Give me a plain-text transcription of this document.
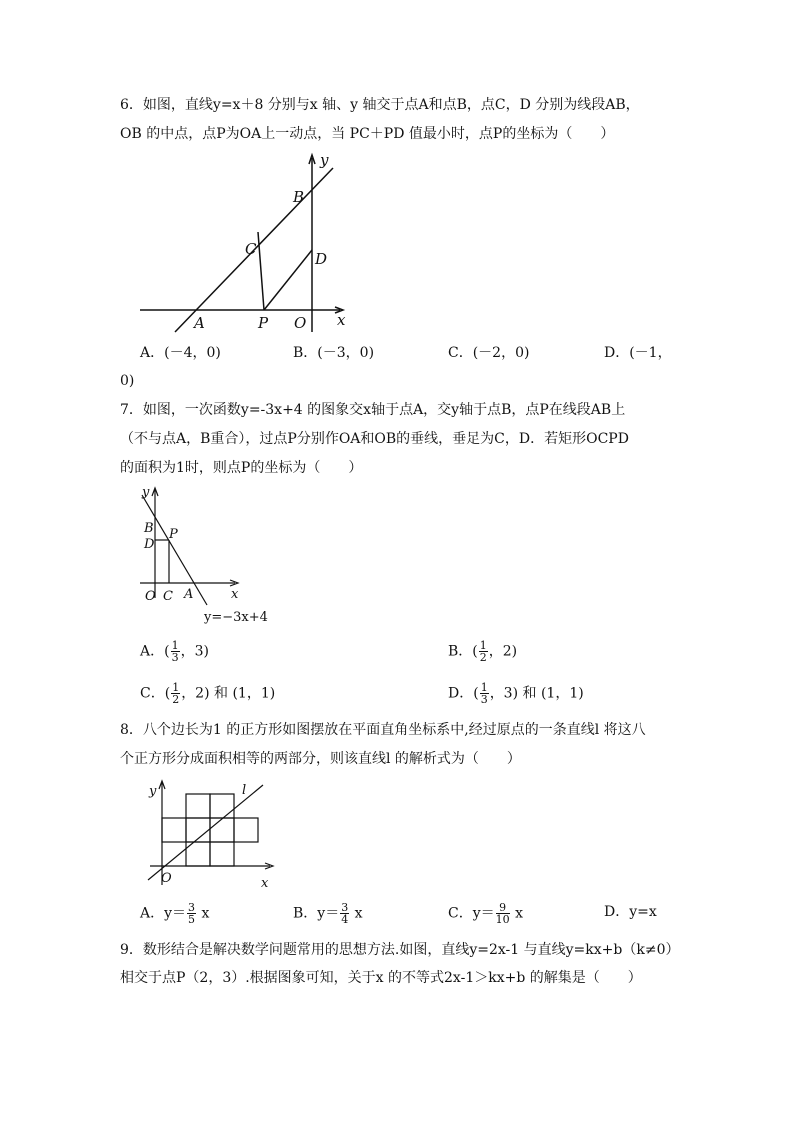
6．如图，直线y=x＋8 分别与x 轴、y 轴交于点A和点B，点C，D 分别为线段AB，
OB 的中点，点P为OA上一动点，当 PC＋PD 值最小时，点P的坐标为（　　）
y
B
C
D
A	P O x
A．(－4，0)	B．(－3，0)	C．(－2，0)	D．(－1，
0)
7．如图，一次函数y=-3x+4 的图象交x轴于点A，交y轴于点B，点P在线段AB上
（不与点A，B重合），过点P分别作OA和OB的垂线，垂足为C，D．若矩形OCPD
的面积为1时，则点P的坐标为（　　）
y
B P
D
x
O C A
y=−3x+4
A．( $\frac{1}{3}$ ，3)	B．( $\frac{1}{2}$ ，2)
C．( $\frac{1}{2}$ ，2) 和 (1，1)	D．( $\frac{1}{3}$ ，3) 和 (1，1)
8．八个边长为1 的正方形如图摆放在平面直角坐标系中,经过原点的一条直线l 将这八
个正方形分成面积相等的两部分，则该直线l 的解析式为（　　）
y	l
O	x
A．$y= \frac{3}{5}$ x	B．$y= \frac{3}{4}$ x	C．$y= \frac{9}{10}$ x	D．y=x
9．数形结合是解决数学问题常用的思想方法.如图，直线y=2x-1 与直线y=kx+b（k≠0）
相交于点P（2，3）.根据图象可知，关于x 的不等式2x-1＞kx+b 的解集是（　　）
